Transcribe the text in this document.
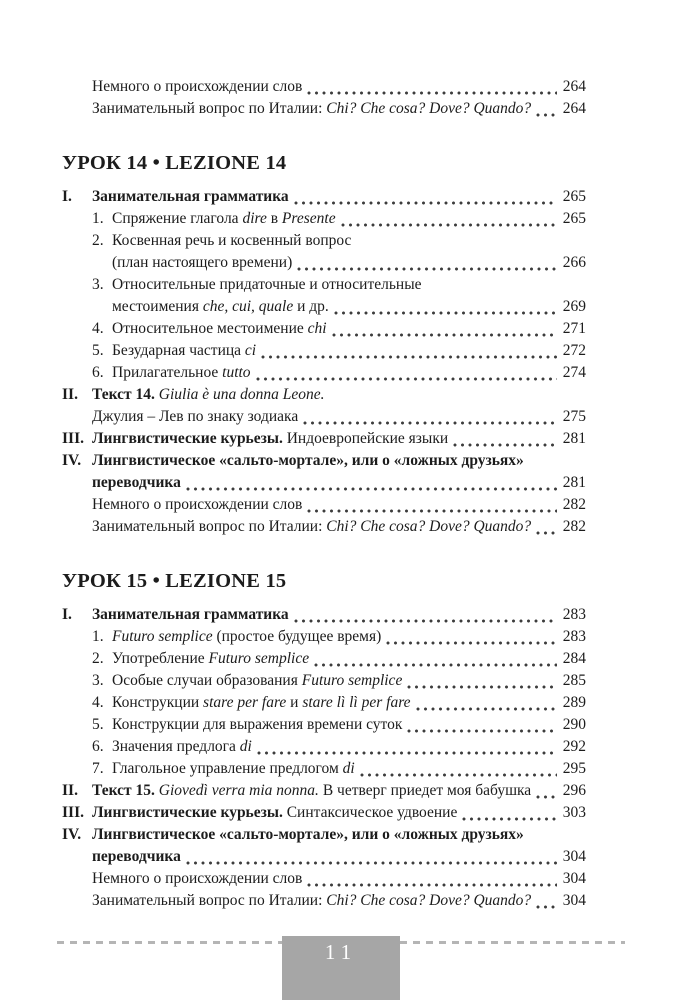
Немного о происхождении слов	264
Занимательный вопрос по Италии: Chi? Che cosa? Dove? Quando? 264
УРОК 14 • LEZIONE 14
I.	Занимательная грамматика	265
1. Спряжение глагола dire в Presente	265
2. Косвенная речь и косвенный вопрос
(план настоящего времени)	266
3. Относительные придаточные и относительные
местоимения che, cui, quale и др.	269
4. Относительное местоимение chi	271
5. Безударная частица ci	272
6. Прилагательное tutto	274
II. Текст 14. Giulia è una donna Leone.
Джулия – Лев по знаку зодиака	275
III. Лингвистические курьезы. Индоевропейские языки	281
IV. Лингвистическое «сальто-мортале», или о «ложных друзьях»
переводчика	281
Немного о происхождении слов	282
Занимательный вопрос по Италии: Chi? Che cosa? Dove? Quando? 282
УРОК 15 • LEZIONE 15
I.	Занимательная грамматика	283
1. Futuro semplice (простое будущее время)	283
2. Употребление Futuro semplice	284
3. Особые случаи образования Futuro semplice	285
4. Конструкции stare per fare и stare lì lì per fare	289
5. Конструкции для выражения времени суток	290
6. Значения предлога di	292
7. Глагольное управление предлогом di	295
II. Текст 15. Giovedì verra mia nonna. В четверг приедет моя бабушка 296
III. Лингвистические курьезы. Синтаксическое удвоение	303
IV. Лингвистическое «сальто-мортале», или о «ложных друзьях»
переводчика	304
Немного о происхождении слов	304
Занимательный вопрос по Италии: Chi? Che cosa? Dove? Quando? 304
11
